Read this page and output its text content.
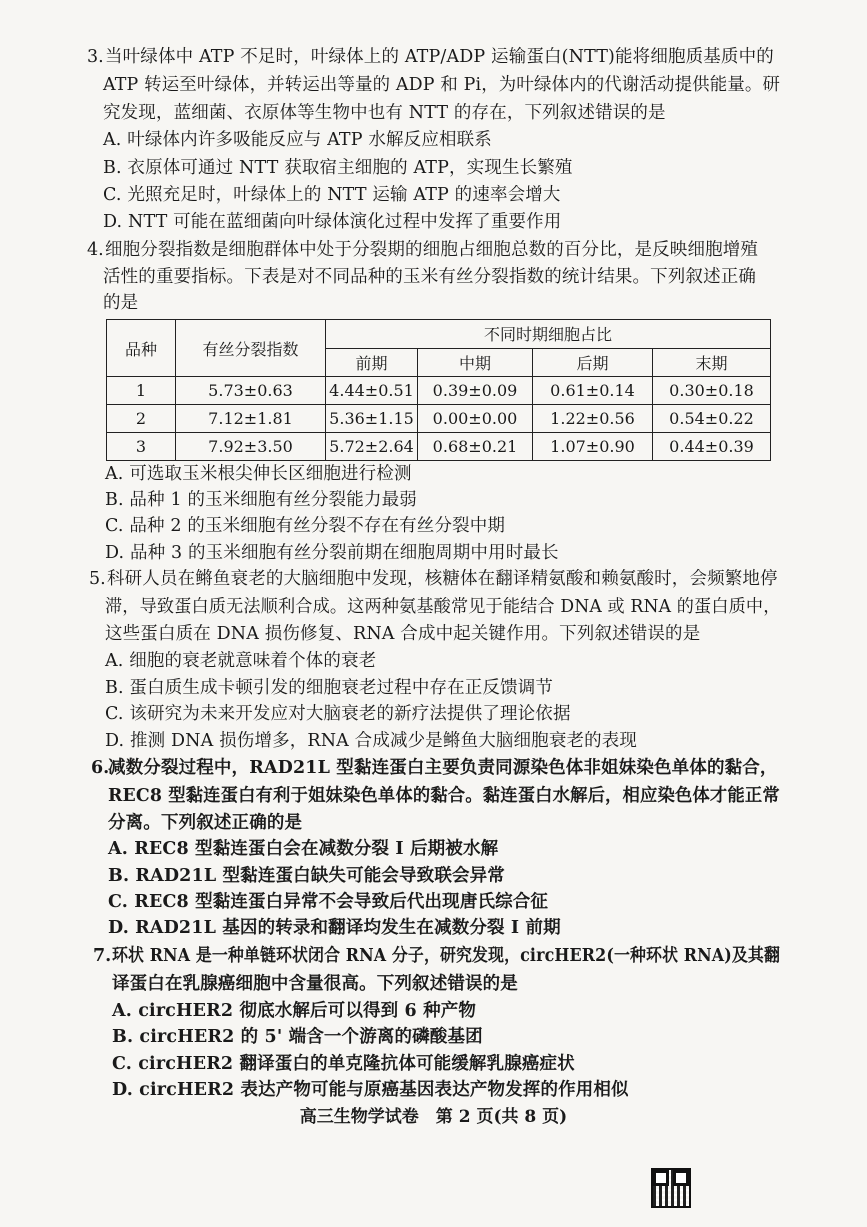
3. 当叶绿体中 ATP 不足时，叶绿体上的 ATP/ADP 运输蛋白(NTT)能将细胞质基质中的
ATP 转运至叶绿体，并转运出等量的 ADP 和 Pi，为叶绿体内的代谢活动提供能量。研
究发现，蓝细菌、衣原体等生物中也有 NTT 的存在，下列叙述错误的是
A. 叶绿体内许多吸能反应与 ATP 水解反应相联系
B. 衣原体可通过 NTT 获取宿主细胞的 ATP，实现生长繁殖
C. 光照充足时，叶绿体上的 NTT 运输 ATP 的速率会增大
D. NTT 可能在蓝细菌向叶绿体演化过程中发挥了重要作用
4. 细胞分裂指数是细胞群体中处于分裂期的细胞占细胞总数的百分比，是反映细胞增殖
活性的重要指标。下表是对不同品种的玉米有丝分裂指数的统计结果。下列叙述正确
的是
品种	有丝分裂指数	不同时期细胞占比			
		前期	中期	后期	末期
1	5.73±0.63	4.44±0.51	0.39±0.09	0.61±0.14	0.30±0.18
2	7.12±1.81	5.36±1.15	0.00±0.00	1.22±0.56	0.54±0.22
3	7.92±3.50	5.72±2.64	0.68±0.21	1.07±0.90	0.44±0.39
A. 可选取玉米根尖伸长区细胞进行检测
B. 品种 1 的玉米细胞有丝分裂能力最弱
C. 品种 2 的玉米细胞有丝分裂不存在有丝分裂中期
D. 品种 3 的玉米细胞有丝分裂前期在细胞周期中用时最长
5. 科研人员在鳉鱼衰老的大脑细胞中发现，核糖体在翻译精氨酸和赖氨酸时，会频繁地停
滞，导致蛋白质无法顺利合成。这两种氨基酸常见于能结合 DNA 或 RNA 的蛋白质中，
这些蛋白质在 DNA 损伤修复、RNA 合成中起关键作用。下列叙述错误的是
A. 细胞的衰老就意味着个体的衰老
B. 蛋白质生成卡顿引发的细胞衰老过程中存在正反馈调节
C. 该研究为未来开发应对大脑衰老的新疗法提供了理论依据
D. 推测 DNA 损伤增多，RNA 合成减少是鳉鱼大脑细胞衰老的表现
6.
减数分裂过程中，RAD21L 型黏连蛋白主要负责同源染色体非姐妹染色单体的黏合，
REC8 型黏连蛋白有利于姐妹染色单体的黏合。黏连蛋白水解后，相应染色体才能正常
分离。下列叙述正确的是
A. REC8 型黏连蛋白会在减数分裂 I 后期被水解
B. RAD21L 型黏连蛋白缺失可能会导致联会异常
C. REC8 型黏连蛋白异常不会导致后代出现唐氏综合征
D. RAD21L 基因的转录和翻译均发生在减数分裂 I 前期
7. 环状 RNA 是一种单链环状闭合 RNA 分子，研究发现，circHER2(一种环状 RNA)及其翻
译蛋白在乳腺癌细胞中含量很高。下列叙述错误的是
A. circHER2 彻底水解后可以得到 6 种产物
B. circHER2 的 5' 端含一个游离的磷酸基团
C. circHER2 翻译蛋白的单克隆抗体可能缓解乳腺癌症状
D. circHER2 表达产物可能与原癌基因表达产物发挥的作用相似
高三生物学试卷　第 2 页(共 8 页)
